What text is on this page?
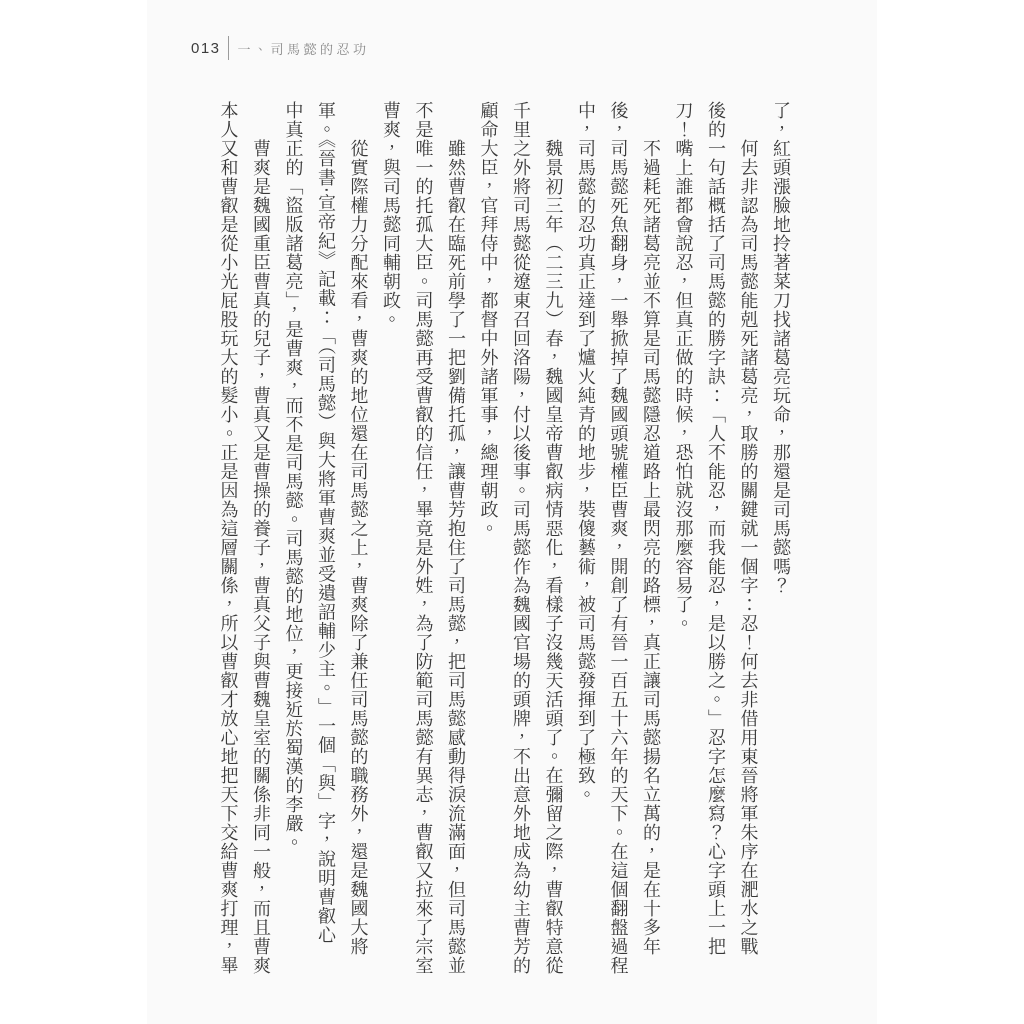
013 一、司馬懿的忍功
了，紅頭漲臉地拎著菜刀找諸葛亮玩命，那還是司馬懿嗎？
　　何去非認為司馬懿能剋死諸葛亮，取勝的關鍵就一個字：忍！何去非借用東晉將軍朱序在淝水之戰
後的一句話概括了司馬懿的勝字訣：「人不能忍，而我能忍，是以勝之。」忍字怎麼寫？心字頭上一把
刀！嘴上誰都會說忍，但真正做的時候，恐怕就沒那麼容易了。
　　不過耗死諸葛亮並不算是司馬懿隱忍道路上最閃亮的路標，真正讓司馬懿揚名立萬的，是在十多年
後，司馬懿死魚翻身，一舉掀掉了魏國頭號權臣曹爽，開創了有晉一百五十六年的天下。在這個翻盤過程
中，司馬懿的忍功真正達到了爐火純青的地步，裝傻藝術，被司馬懿發揮到了極致。
　　魏景初三年（二三九）春，魏國皇帝曹叡病情惡化，看樣子沒幾天活頭了。在彌留之際，曹叡特意從
千里之外將司馬懿從遼東召回洛陽，付以後事。司馬懿作為魏國官場的頭牌，不出意外地成為幼主曹芳的
顧命大臣，官拜侍中，都督中外諸軍事，總理朝政。
　　雖然曹叡在臨死前學了一把劉備托孤，讓曹芳抱住了司馬懿，把司馬懿感動得淚流滿面，但司馬懿並
不是唯一的托孤大臣。司馬懿再受曹叡的信任，畢竟是外姓，為了防範司馬懿有異志，曹叡又拉來了宗室
曹爽，與司馬懿同輔朝政。
　　從實際權力分配來看，曹爽的地位還在司馬懿之上，曹爽除了兼任司馬懿的職務外，還是魏國大將
軍。《晉書‧宣帝紀》記載：「（司馬懿）與大將軍曹爽並受遺詔輔少主。」一個「與」字，說明曹叡心
中真正的「盜版諸葛亮」，是曹爽，而不是司馬懿。司馬懿的地位，更接近於蜀漢的李嚴。
　　曹爽是魏國重臣曹真的兒子，曹真又是曹操的養子，曹真父子與曹魏皇室的關係非同一般，而且曹爽
本人又和曹叡是從小光屁股玩大的髮小。正是因為這層關係，所以曹叡才放心地把天下交給曹爽打理，畢
